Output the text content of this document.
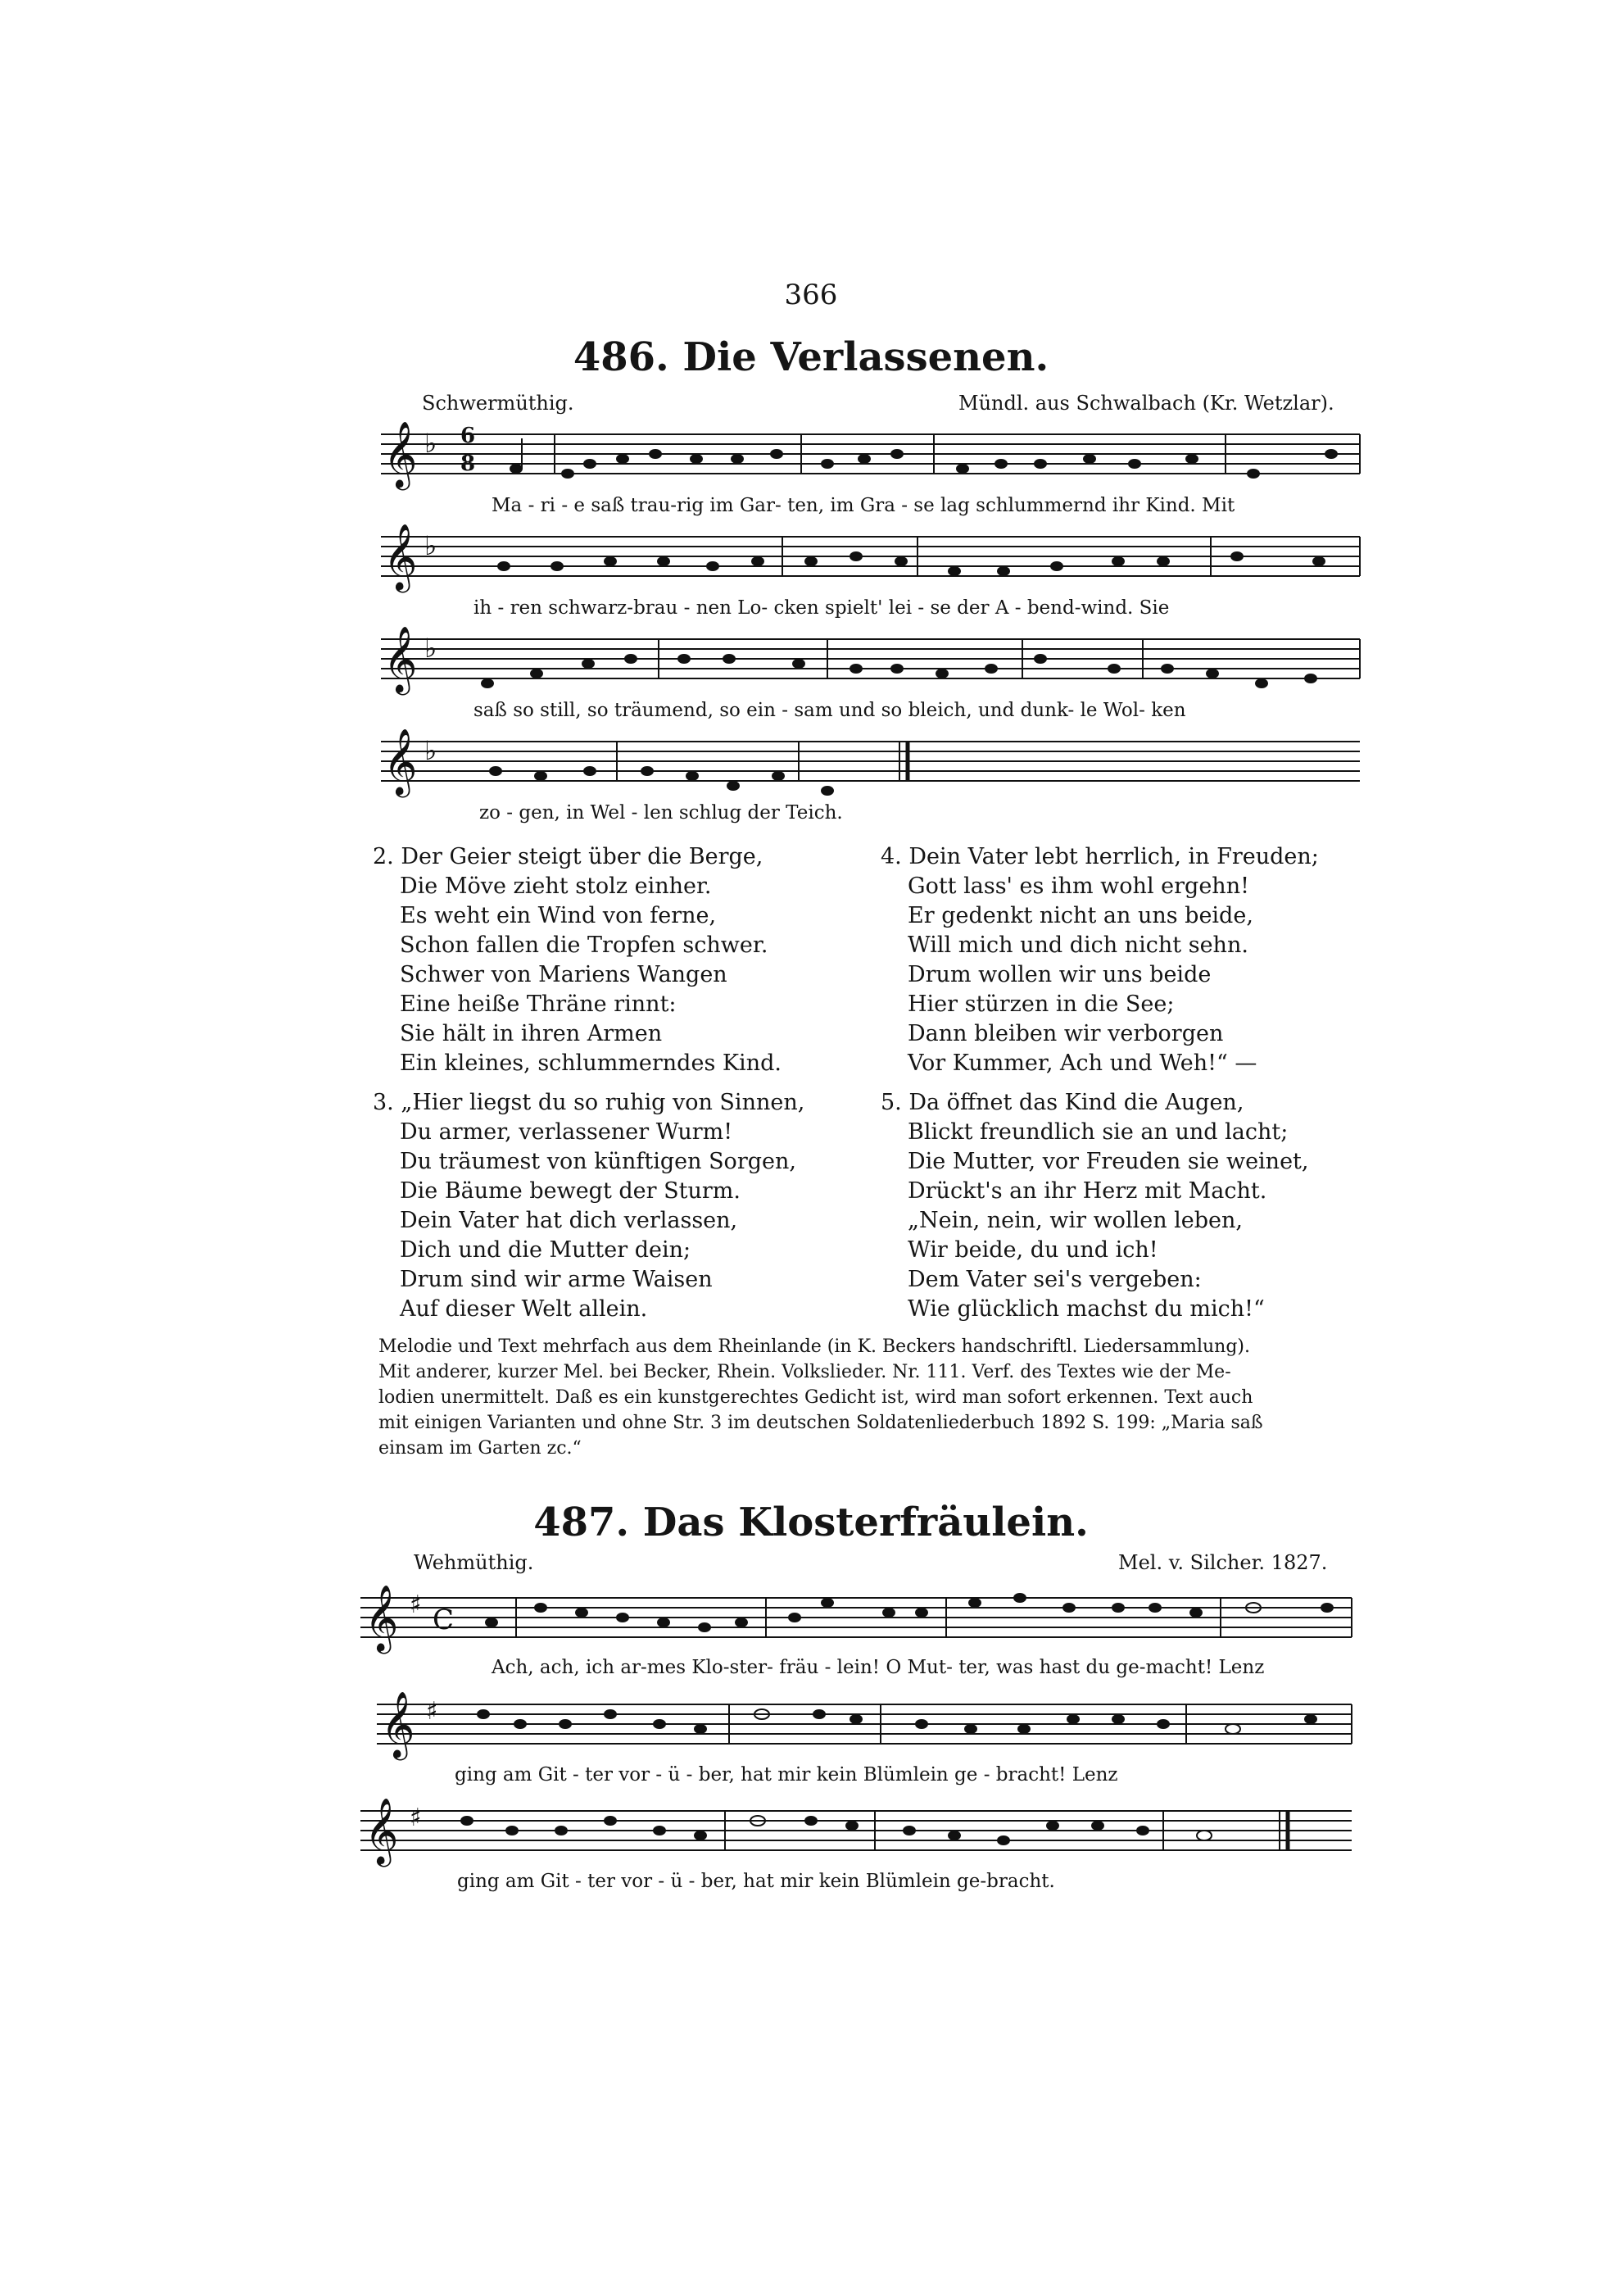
366
486. Die Verlassenen.
Schwermüthig.	Mündl. aus Schwalbach (Kr. Wetzlar).
𝄞 ♭ 6
8
𝄞 ♭
𝄞 ♭
𝄞 ♭
Ma - ri - e saß trau-rig im Gar- ten, im Gra - se lag schlummernd ihr Kind. Mit
ih - ren schwarz-brau - nen Lo- cken spielt' lei - se der A - bend-wind. Sie
saß so still, so träumend, so ein - sam und so bleich, und dunk- le Wol- ken
zo - gen, in Wel - len schlug der Teich.
2. Der Geier steigt über die Berge,
Die Möve zieht stolz einher.
Es weht ein Wind von ferne,
Schon fallen die Tropfen schwer.
Schwer von Mariens Wangen
Eine heiße Thräne rinnt:
Sie hält in ihren Armen
Ein kleines, schlummerndes Kind.
3. „Hier liegst du so ruhig von Sinnen,
Du armer, verlassener Wurm!
Du träumest von künftigen Sorgen,
Die Bäume bewegt der Sturm.
Dein Vater hat dich verlassen,
Dich und die Mutter dein;
Drum sind wir arme Waisen
Auf dieser Welt allein.
4. Dein Vater lebt herrlich, in Freuden;
Gott lass' es ihm wohl ergehn!
Er gedenkt nicht an uns beide,
Will mich und dich nicht sehn.
Drum wollen wir uns beide
Hier stürzen in die See;
Dann bleiben wir verborgen
Vor Kummer, Ach und Weh!“ —
5. Da öffnet das Kind die Augen,
Blickt freundlich sie an und lacht;
Die Mutter, vor Freuden sie weinet,
Drückt's an ihr Herz mit Macht.
„Nein, nein, wir wollen leben,
Wir beide, du und ich!
Dem Vater sei's vergeben:
Wie glücklich machst du mich!“
Melodie und Text mehrfach aus dem Rheinlande (in K. Beckers handschriftl. Liedersammlung).
Mit anderer, kurzer Mel. bei Becker, Rhein. Volkslieder. Nr. 111. Verf. des Textes wie der Me-
lodien unermittelt. Daß es ein kunstgerechtes Gedicht ist, wird man sofort erkennen. Text auch
mit einigen Varianten und ohne Str. 3 im deutschen Soldatenliederbuch 1892 S. 199: „Maria saß
einsam im Garten zc.“
487. Das Klosterfräulein.
Wehmüthig.	Mel. v. Silcher. 1827.
𝄞 ♯ C
𝄞 ♯
𝄞 ♯
Ach, ach, ich ar-mes Klo-ster- fräu - lein! O Mut- ter, was hast du ge-macht! Lenz
ging am Git - ter vor - ü - ber, hat mir kein Blümlein ge - bracht! Lenz
ging am Git - ter vor - ü - ber, hat mir kein Blümlein ge-bracht.
